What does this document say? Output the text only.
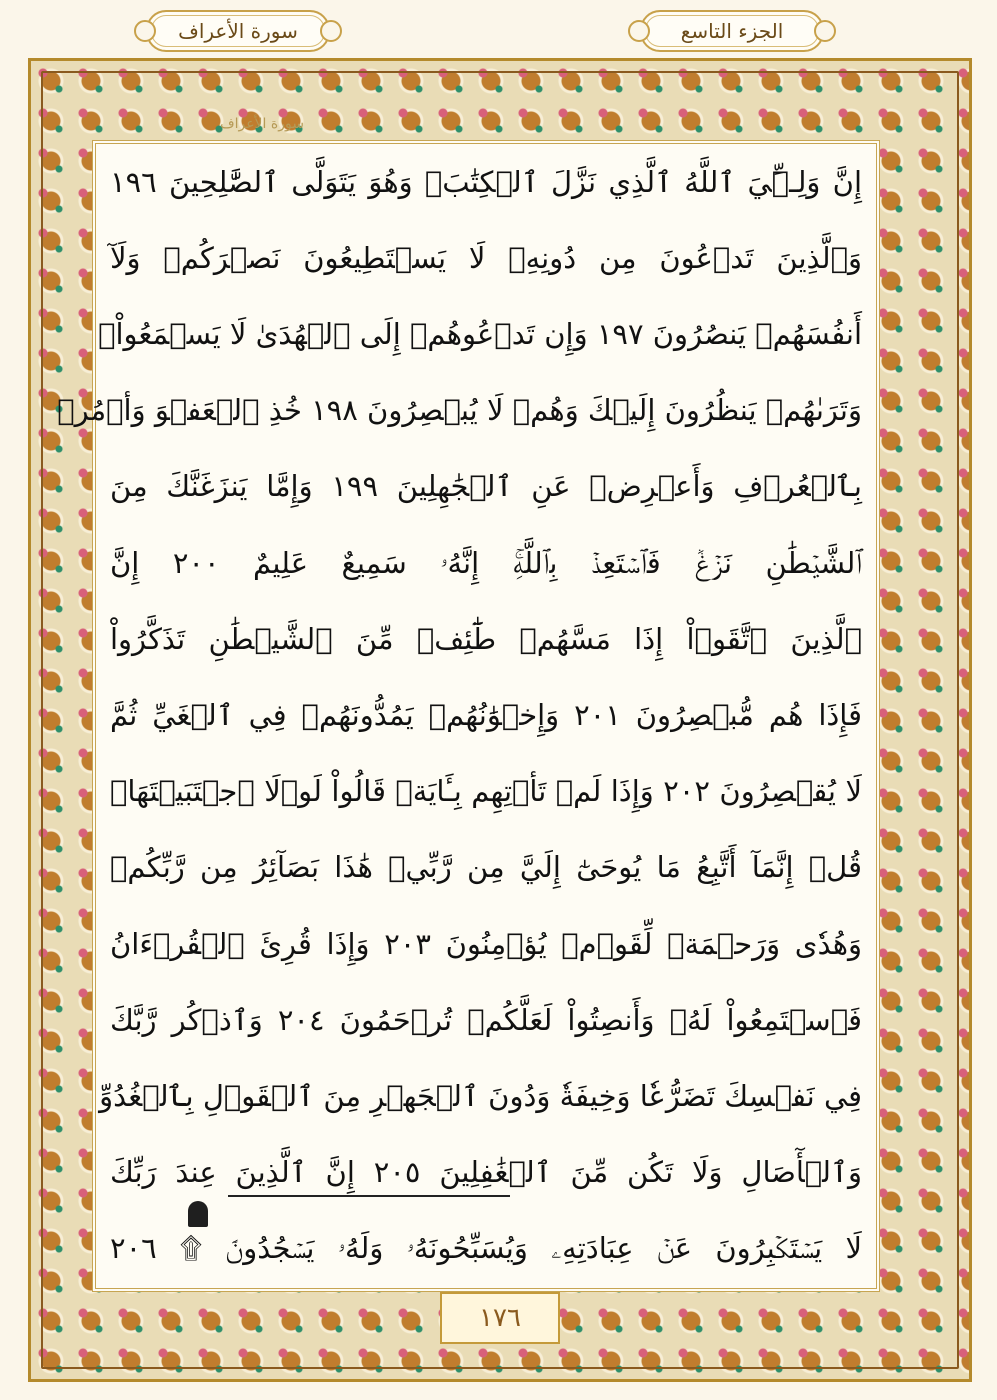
سورة الأعراف	الجزء التاسع
سورة الأعراف
إِنَّ وَلِـِّۧيَ ٱللَّهُ ٱلَّذِي نَزَّلَ ٱلۡكِتَٰبَۖ وَهُوَ يَتَوَلَّى ٱلصَّٰلِحِينَ ١٩٦
وَٱلَّذِينَ تَدۡعُونَ مِن دُونِهِۦ لَا يَسۡتَطِيعُونَ نَصۡرَكُمۡ وَلَآ
أَنفُسَهُمۡ يَنصُرُونَ ١٩٧ وَإِن تَدۡعُوهُمۡ إِلَى ٱلۡهُدَىٰ لَا يَسۡمَعُواْۖ
وَتَرَىٰهُمۡ يَنظُرُونَ إِلَيۡكَ وَهُمۡ لَا يُبۡصِرُونَ ١٩٨ خُذِ ٱلۡعَفۡوَ وَأۡمُرۡ
بِٱلۡعُرۡفِ وَأَعۡرِضۡ عَنِ ٱلۡجَٰهِلِينَ ١٩٩ وَإِمَّا يَنزَغَنَّكَ مِنَ
ٱلشَّيۡطَٰنِ نَزۡغٞ فَٱسۡتَعِذۡ بِٱللَّهِۚ إِنَّهُۥ سَمِيعٌ عَلِيمٌ ٢٠٠ إِنَّ
ٱلَّذِينَ ٱتَّقَوۡاْ إِذَا مَسَّهُمۡ طَٰٓئِفٞ مِّنَ ٱلشَّيۡطَٰنِ تَذَكَّرُواْ
فَإِذَا هُم مُّبۡصِرُونَ ٢٠١ وَإِخۡوَٰنُهُمۡ يَمُدُّونَهُمۡ فِي ٱلۡغَيِّ ثُمَّ
لَا يُقۡصِرُونَ ٢٠٢ وَإِذَا لَمۡ تَأۡتِهِم بِـَٔايَةٖ قَالُواْ لَوۡلَا ٱجۡتَبَيۡتَهَاۚ
قُلۡ إِنَّمَآ أَتَّبِعُ مَا يُوحَىٰٓ إِلَيَّ مِن رَّبِّيۚ هَٰذَا بَصَآئِرُ مِن رَّبِّكُمۡ
وَهُدٗى وَرَحۡمَةٞ لِّقَوۡمٖ يُؤۡمِنُونَ ٢٠٣ وَإِذَا قُرِئَ ٱلۡقُرۡءَانُ
فَٱسۡتَمِعُواْ لَهُۥ وَأَنصِتُواْ لَعَلَّكُمۡ تُرۡحَمُونَ ٢٠٤ وَٱذۡكُر رَّبَّكَ
فِي نَفۡسِكَ تَضَرُّعٗا وَخِيفَةٗ وَدُونَ ٱلۡجَهۡرِ مِنَ ٱلۡقَوۡلِ بِٱلۡغُدُوِّ
وَٱلۡأٓصَالِ وَلَا تَكُن مِّنَ ٱلۡغَٰفِلِينَ ٢٠٥ إِنَّ ٱلَّذِينَ عِندَ رَبِّكَ
لَا يَسۡتَكۡبِرُونَ عَنۡ عِبَادَتِهِۦ وَيُسَبِّحُونَهُۥ وَلَهُۥ يَسۡجُدُونَۤ ۩ ٢٠٦
١٧٦
